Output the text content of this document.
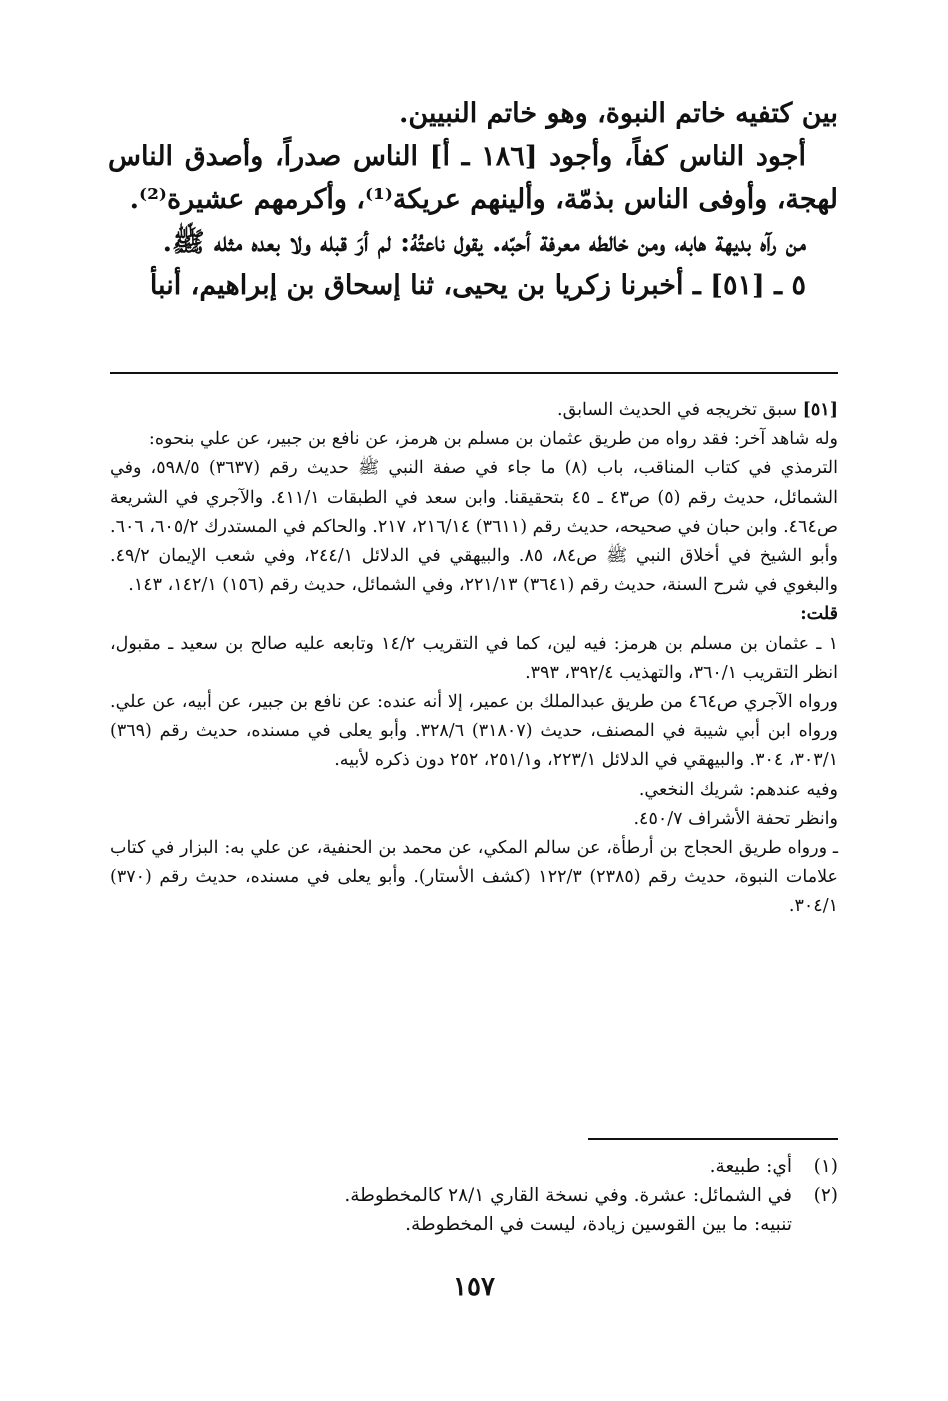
بين كتفيه خاتم النبوة، وهو خاتم النبيين.

أجود الناس كفاً، وأجود [١٨٦ ـ أ] الناس صدراً، وأصدق الناس لهجة، وأوفى الناس بذمّة، وألينهم عريكة⁽¹⁾، وأكرمهم عشيرة⁽²⁾.

من رآه بديهة هابه، ومن خالطه معرفة أحبّه. يقول ناعتُهُ: لم أرَ قبله ولا بعده مثله ﷺ.

٥ ـ [٥١] ـ أخبرنا زكريا بن يحيى، ثنا إسحاق بن إبراهيم، أنبأ

[٥١] سبق تخريجه في الحديث السابق.

وله شاهد آخر: فقد رواه من طريق عثمان بن مسلم بن هرمز، عن نافع بن جبير، عن علي بنحوه:

الترمذي في كتاب المناقب، باب (٨) ما جاء في صفة النبي ﷺ حديث رقم (٣٦٣٧) ٥٩٨/٥، وفي الشمائل، حديث رقم (٥) ص٤٣ ـ ٤٥ بتحقيقنا. وابن سعد في الطبقات ٤١١/١. والآجري في الشريعة ص٤٦٤. وابن حبان في صحيحه، حديث رقم (٣٦١١) ٢١٦/١٤، ٢١٧. والحاكم في المستدرك ٦٠٥/٢، ٦٠٦. وأبو الشيخ في أخلاق النبي ﷺ ص٨٤، ٨٥. والبيهقي في الدلائل ٢٤٤/١، وفي شعب الإيمان ٤٩/٢. والبغوي في شرح السنة، حديث رقم (٣٦٤١) ٢٢١/١٣، وفي الشمائل، حديث رقم (١٥٦) ١٤٢/١، ١٤٣.

قلت:

١ ـ عثمان بن مسلم بن هرمز: فيه لين، كما في التقريب ١٤/٢ وتابعه عليه صالح بن سعيد ـ مقبول، انظر التقريب ٣٦٠/١، والتهذيب ٣٩٢/٤، ٣٩٣.

ورواه الآجري ص٤٦٤ من طريق عبدالملك بن عمير، إلا أنه عنده: عن نافع بن جبير، عن أبيه، عن علي. ورواه ابن أبي شيبة في المصنف، حديث (٣١٨٠٧) ٣٢٨/٦. وأبو يعلى في مسنده، حديث رقم (٣٦٩) ٣٠٣/١، ٣٠٤. والبيهقي في الدلائل ٢٢٣/١، و٢٥١/١، ٢٥٢ دون ذكره لأبيه.

وفيه عندهم: شريك النخعي.

وانظر تحفة الأشراف ٤٥٠/٧.

ـ ورواه طريق الحجاج بن أرطأة، عن سالم المكي، عن محمد بن الحنفية، عن علي به: البزار في كتاب علامات النبوة، حديث رقم (٢٣٨٥) ١٢٢/٣ (كشف الأستار). وأبو يعلى في مسنده، حديث رقم (٣٧٠) ٣٠٤/١.

(١)أي: طبيعة.

(٢)في الشمائل: عشرة. وفي نسخة القاري ٢٨/١ كالمخطوطة.

تنبيه: ما بين القوسين زيادة، ليست في المخطوطة.

١٥٧
